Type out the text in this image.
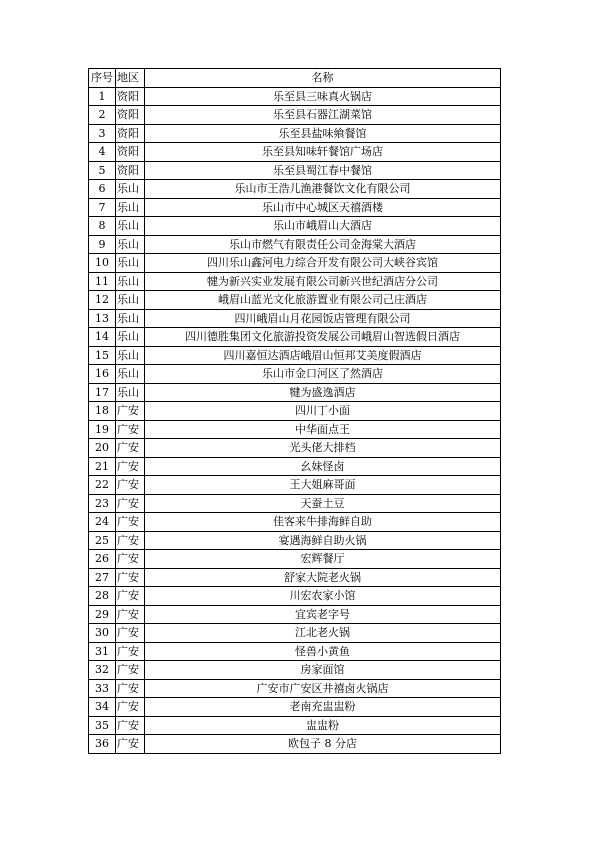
序号	地区	名称
1	资阳	乐至县三味真火锅店
2	资阳	乐至县石器江湖菜馆
3	资阳	乐至县盐味飨餐馆
4	资阳	乐至县知味轩餐馆广场店
5	资阳	乐至县蜀江春中餐馆
6	乐山	乐山市王浩儿渔港餐饮文化有限公司
7	乐山	乐山市中心城区天禧酒楼
8	乐山	乐山市峨眉山大酒店
9	乐山	乐山市燃气有限责任公司金海棠大酒店
10	乐山	四川乐山鑫河电力综合开发有限公司大峡谷宾馆
11	乐山	犍为新兴实业发展有限公司新兴世纪酒店分公司
12	乐山	峨眉山蓝光文化旅游置业有限公司己庄酒店
13	乐山	四川峨眉山月花园饭店管理有限公司
14	乐山	四川德胜集团文化旅游投资发展公司峨眉山智选假日酒店
15	乐山	四川嘉恒达酒店峨眉山恒邦艾美度假酒店
16	乐山	乐山市金口河区了然酒店
17	乐山	犍为盛逸酒店
18	广安	四川丁小面
19	广安	中华面点王
20	广安	光头佬大排档
21	广安	幺妹怪卤
22	广安	王大姐麻哥面
23	广安	天蚕土豆
24	广安	佳客来牛排海鲜自助
25	广安	宴遇海鲜自助火锅
26	广安	宏辉餐厅
27	广安	舒家大院老火锅
28	广安	川宏农家小馆
29	广安	宜宾老字号
30	广安	江北老火锅
31	广安	怪兽小黄鱼
32	广安	房家面馆
33	广安	广安市广安区井禧卤火锅店
34	广安	老南充盅盅粉
35	广安	盅盅粉
36	广安	欧包子 8 分店
